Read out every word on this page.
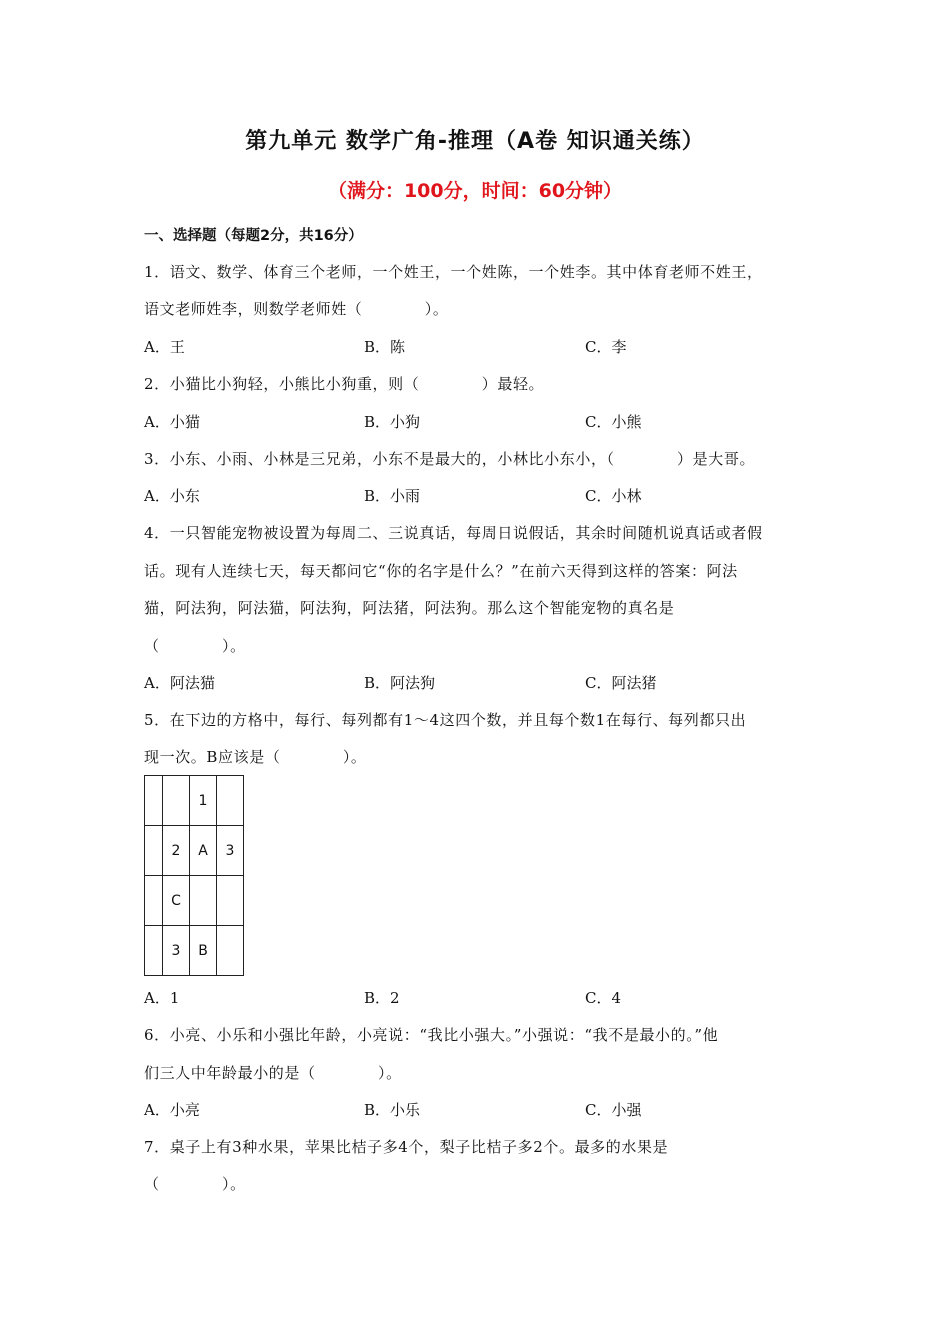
第九单元 数学广角-推理（A卷 知识通关练）
（满分：100分，时间：60分钟）
一、选择题（每题2分，共16分）
1．语文、数学、体育三个老师，一个姓王，一个姓陈，一个姓李。其中体育老师不姓王，
语文老师姓李，则数学老师姓（　　　　）。
A．王	B．陈	C．李
2．小猫比小狗轻，小熊比小狗重，则（　　　　）最轻。
A．小猫	B．小狗	C．小熊
3．小东、小雨、小林是三兄弟，小东不是最大的，小林比小东小，（　　　　）是大哥。
A．小东	B．小雨	C．小林
4．一只智能宠物被设置为每周二、三说真话，每周日说假话，其余时间随机说真话或者假
话。现有人连续七天，每天都问它“你的名字是什么？”在前六天得到这样的答案：阿法
猫，阿法狗，阿法猫，阿法狗，阿法猪，阿法狗。那么这个智能宠物的真名是
（　　　　）。
A．阿法猫	B．阿法狗	C．阿法猪
5．在下边的方格中，每行、每列都有1～4这四个数，并且每个数1在每行、每列都只出
现一次。B应该是（　　　　）。
		1	
	2	A	3
	C		
	3	B	
A．1	B．2	C．4
6．小亮、小乐和小强比年龄，小亮说：“我比小强大。”小强说：“我不是最小的。”他
们三人中年龄最小的是（　　　　）。
A．小亮	B．小乐	C．小强
7．桌子上有3种水果，苹果比桔子多4个，梨子比桔子多2个。最多的水果是
（　　　　）。
